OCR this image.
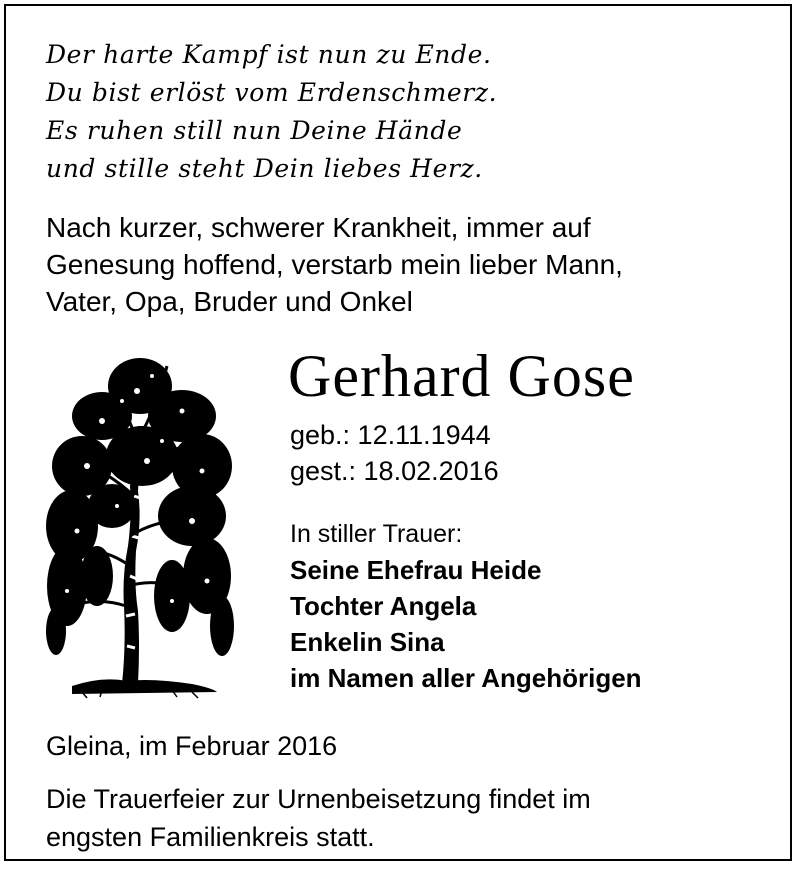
Der harte Kampf ist nun zu Ende.
Du bist erlöst vom Erdenschmerz.
Es ruhen still nun Deine Hände
und stille steht Dein liebes Herz.
Nach kurzer, schwerer Krankheit, immer auf
Genesung hoffend, verstarb mein lieber Mann,
Vater, Opa, Bruder und Onkel
Gerhard Gose
geb.: 12.11.1944
gest.: 18.02.2016
In stiller Trauer:
Seine Ehefrau Heide
Tochter Angela
Enkelin Sina
im Namen aller Angehörigen
Gleina, im Februar 2016
Die Trauerfeier zur Urnenbeisetzung findet im
engsten Familienkreis statt.
